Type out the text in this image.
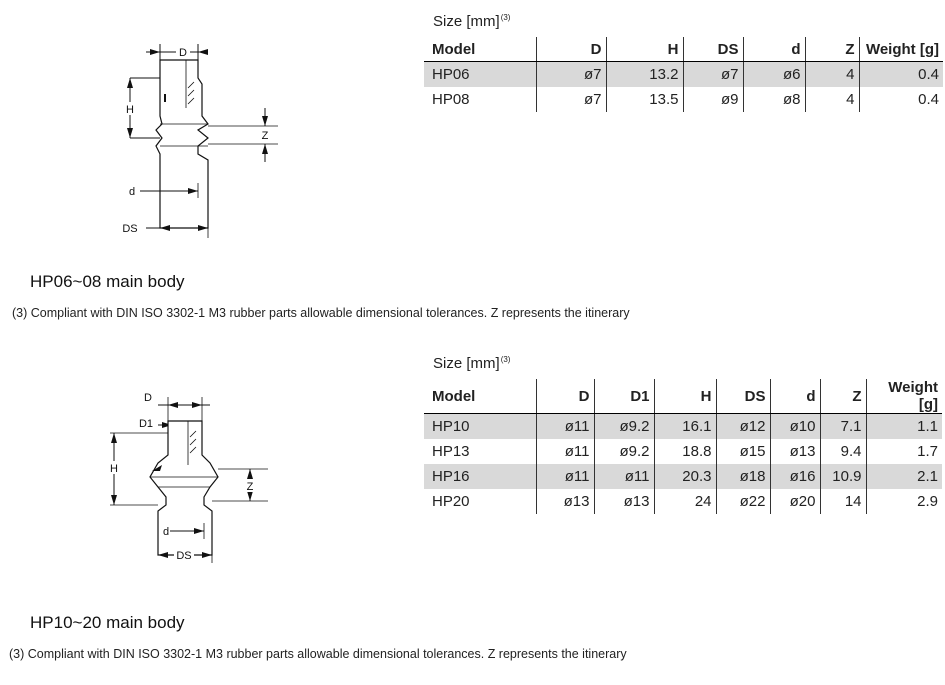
D
H
Z
d
DS
Size [mm]$^{(3)}$
Model	D	H	DS	d	Z	Weight [g]
HP06	ø7	13.2	ø7	ø6	4	0.4
HP08	ø7	13.5	ø9	ø8	4	0.4
HP06~08 main body
(3) Compliant with DIN ISO 3302-1 M3 rubber parts allowable dimensional tolerances. Z represents the itinerary
D
D1
H
Z
d
DS
Size [mm]$^{(3)}$
Model	D	D1	H	DS	d	Z	Weight [g]
HP10	ø11	ø9.2	16.1	ø12	ø10	7.1	1.1
HP13	ø11	ø9.2	18.8	ø15	ø13	9.4	1.7
HP16	ø11	ø11	20.3	ø18	ø16	10.9	2.1
HP20	ø13	ø13	24	ø22	ø20	14	2.9
HP10~20 main body
(3) Compliant with DIN ISO 3302-1 M3 rubber parts allowable dimensional tolerances. Z represents the itinerary
